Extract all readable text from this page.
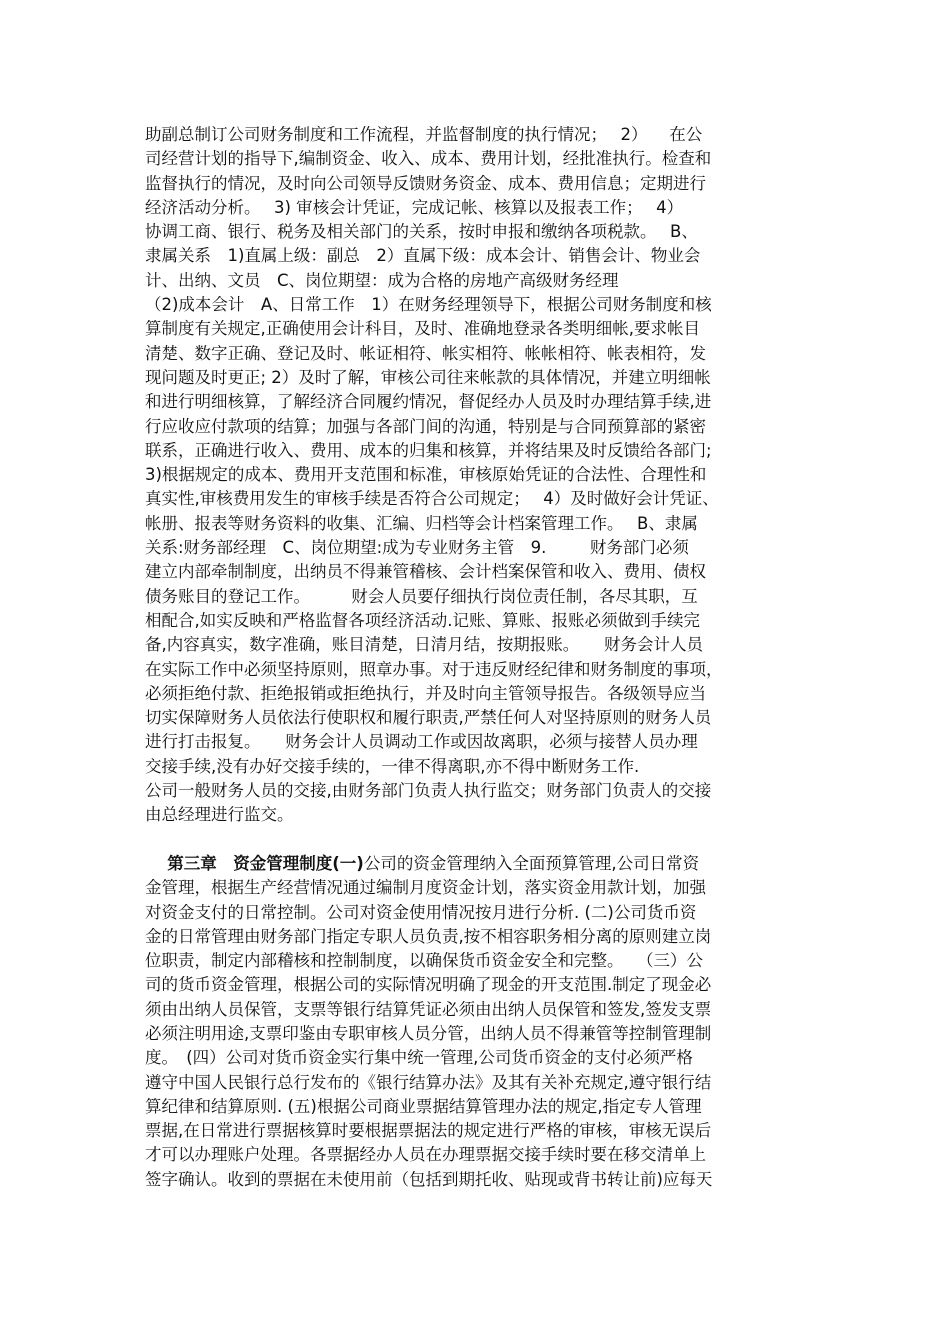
助副总制订公司财务制度和工作流程，并监督制度的执行情况；　 2） 　在公
司经营计划的指导下,编制资金、收入、成本、费用计划，经批准执行。检查和
监督执行的情况，及时向公司领导反馈财务资金、成本、费用信息；定期进行
经济活动分析。　 3) 审核会计凭证，完成记帐、核算以及报表工作；　 4）
协调工商、银行、税务及相关部门的关系，按时申报和缴纳各项税款。　 B、
隶属关系　1)直属上级：副总　2）直属下级：成本会计、销售会计、物业会
计、出纳、文员　C、岗位期望：成为合格的房地产高级财务经理
（2)成本会计　A、日常工作　1）在财务经理领导下，根据公司财务制度和核
算制度有关规定,正确使用会计科目，及时、准确地登录各类明细帐,要求帐目
清楚、数字正确、登记及时、帐证相符、帐实相符、帐帐相符、帐表相符，发
现问题及时更正; 2）及时了解，审核公司往来帐款的具体情况，并建立明细帐
和进行明细核算，了解经济合同履约情况，督促经办人员及时办理结算手续,进
行应收应付款项的结算；加强与各部门间的沟通，特别是与合同预算部的紧密
联系，正确进行收入、费用、成本的归集和核算，并将结果及时反馈给各部门;
3)根据规定的成本、费用开支范围和标准，审核原始凭证的合法性、合理性和
真实性,审核费用发生的审核手续是否符合公司规定；　 4）及时做好会计凭证、
帐册、报表等财务资料的收集、汇编、归档等会计档案管理工作。　 B、隶属
关系:财务部经理　C、岗位期望:成为专业财务主管　9. 　　 财务部门必须
建立内部牵制制度，出纳员不得兼管稽核、会计档案保管和收入、费用、债权
债务账目的登记工作。　　　财会人员要仔细执行岗位责任制，各尽其职，互
相配合,如实反映和严格监督各项经济活动.记账、算账、报账必须做到手续完
备,内容真实，数字准确，账目清楚，日清月结，按期报账。　　财务会计人员
在实际工作中必须坚持原则，照章办事。对于违反财经纪律和财务制度的事项，
必须拒绝付款、拒绝报销或拒绝执行，并及时向主管领导报告。各级领导应当
切实保障财务人员依法行使职权和履行职责,严禁任何人对坚持原则的财务人员
进行打击报复。　　财务会计人员调动工作或因故离职，必须与接替人员办理
交接手续,没有办好交接手续的，一律不得离职,亦不得中断财务工作.
公司一般财务人员的交接,由财务部门负责人执行监交；财务部门负责人的交接
由总经理进行监交。
　 第三章　资金管理制度(一)公司的资金管理纳入全面预算管理,公司日常资
金管理，根据生产经营情况通过编制月度资金计划，落实资金用款计划，加强
对资金支付的日常控制。公司对资金使用情况按月进行分析. (二)公司货币资
金的日常管理由财务部门指定专职人员负责,按不相容职务相分离的原则建立岗
位职责，制定内部稽核和控制制度，以确保货币资金安全和完整。　 （三）公
司的货币资金管理，根据公司的实际情况明确了现金的开支范围.制定了现金必
须由出纳人员保管，支票等银行结算凭证必须由出纳人员保管和签发,签发支票
必须注明用途,支票印鉴由专职审核人员分管，出纳人员不得兼管等控制管理制
度。　(四）公司对货币资金实行集中统一管理,公司货币资金的支付必须严格
遵守中国人民银行总行发布的《银行结算办法》及其有关补充规定,遵守银行结
算纪律和结算原则. (五)根据公司商业票据结算管理办法的规定,指定专人管理
票据,在日常进行票据核算时要根据票据法的规定进行严格的审核，审核无误后
才可以办理账户处理。各票据经办人员在办理票据交接手续时要在移交清单上
签字确认。收到的票据在未使用前（包括到期托收、贴现或背书转让前)应每天
